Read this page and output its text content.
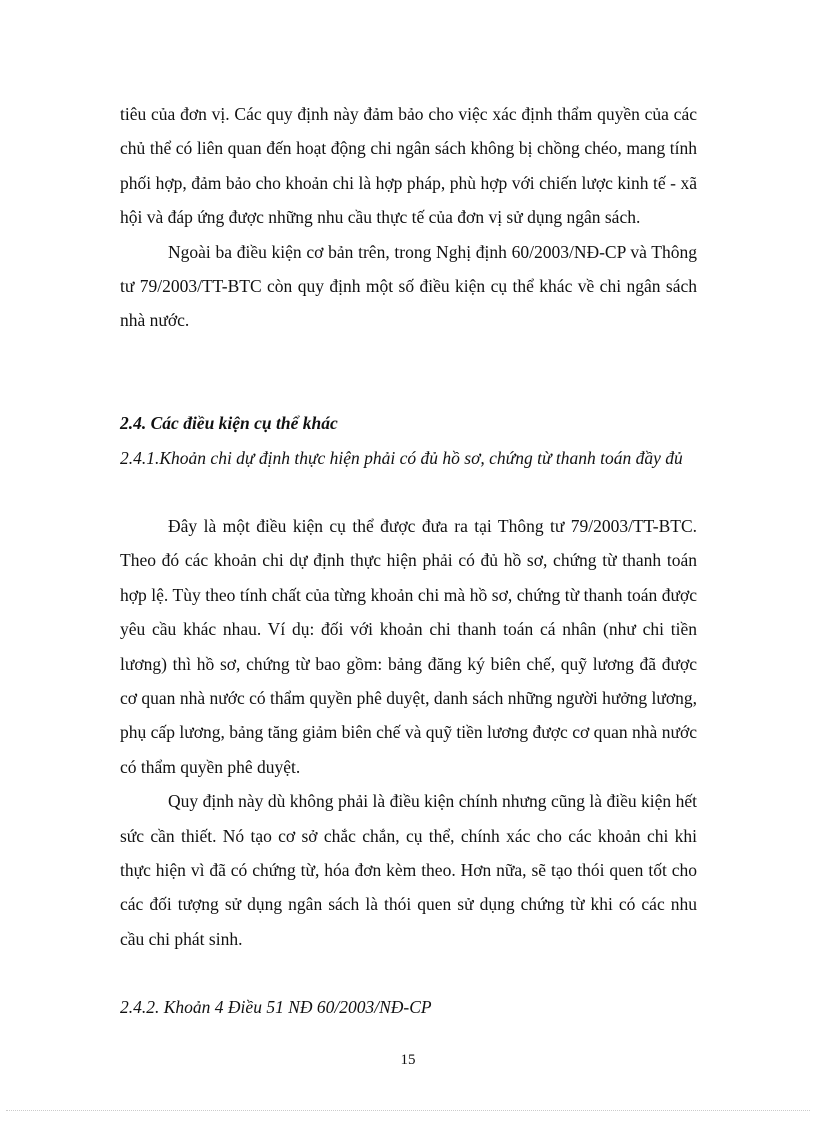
tiêu của đơn vị. Các quy định này đảm bảo cho việc xác định thẩm quyền của các chủ thể có liên quan đến hoạt động chi ngân sách không bị chồng chéo, mang tính phối hợp, đảm bảo cho khoản chi là hợp pháp, phù hợp với chiến lược kinh tế - xã hội và đáp ứng được những nhu cầu thực tế của đơn vị sử dụng ngân sách.

Ngoài ba điều kiện cơ bản trên, trong Nghị định 60/2003/NĐ-CP và Thông tư 79/2003/TT-BTC còn quy định một số điều kiện cụ thể khác về chi ngân sách nhà nước.

2.4. Các điều kiện cụ thể khác
2.4.1.Khoản chi dự định thực hiện phải có đủ hồ sơ, chứng từ thanh toán đầy đủ

Đây là một điều kiện cụ thể được đưa ra tại Thông tư 79/2003/TT-BTC. Theo đó các khoản chi dự định thực hiện phải có đủ hồ sơ, chứng từ thanh toán hợp lệ. Tùy theo tính chất của từng khoản chi mà hồ sơ, chứng từ thanh toán được yêu cầu khác nhau. Ví dụ: đối với khoản chi thanh toán cá nhân (như chi tiền lương) thì hồ sơ, chứng từ bao gồm: bảng đăng ký biên chế, quỹ lương đã được cơ quan nhà nước có thẩm quyền phê duyệt, danh sách những người hưởng lương, phụ cấp lương, bảng tăng giảm biên chế và quỹ tiền lương được cơ quan nhà nước có thẩm quyền phê duyệt.

Quy định này dù không phải là điều kiện chính nhưng cũng là điều kiện hết sức cần thiết. Nó tạo cơ sở chắc chắn, cụ thể, chính xác cho các khoản chi khi thực hiện vì đã có chứng từ, hóa đơn kèm theo. Hơn nữa, sẽ tạo thói quen tốt cho các đối tượng sử dụng ngân sách là thói quen sử dụng chứng từ khi có các nhu cầu chi phát sinh.

2.4.2. Khoản 4 Điều 51 NĐ 60/2003/NĐ-CP
15
